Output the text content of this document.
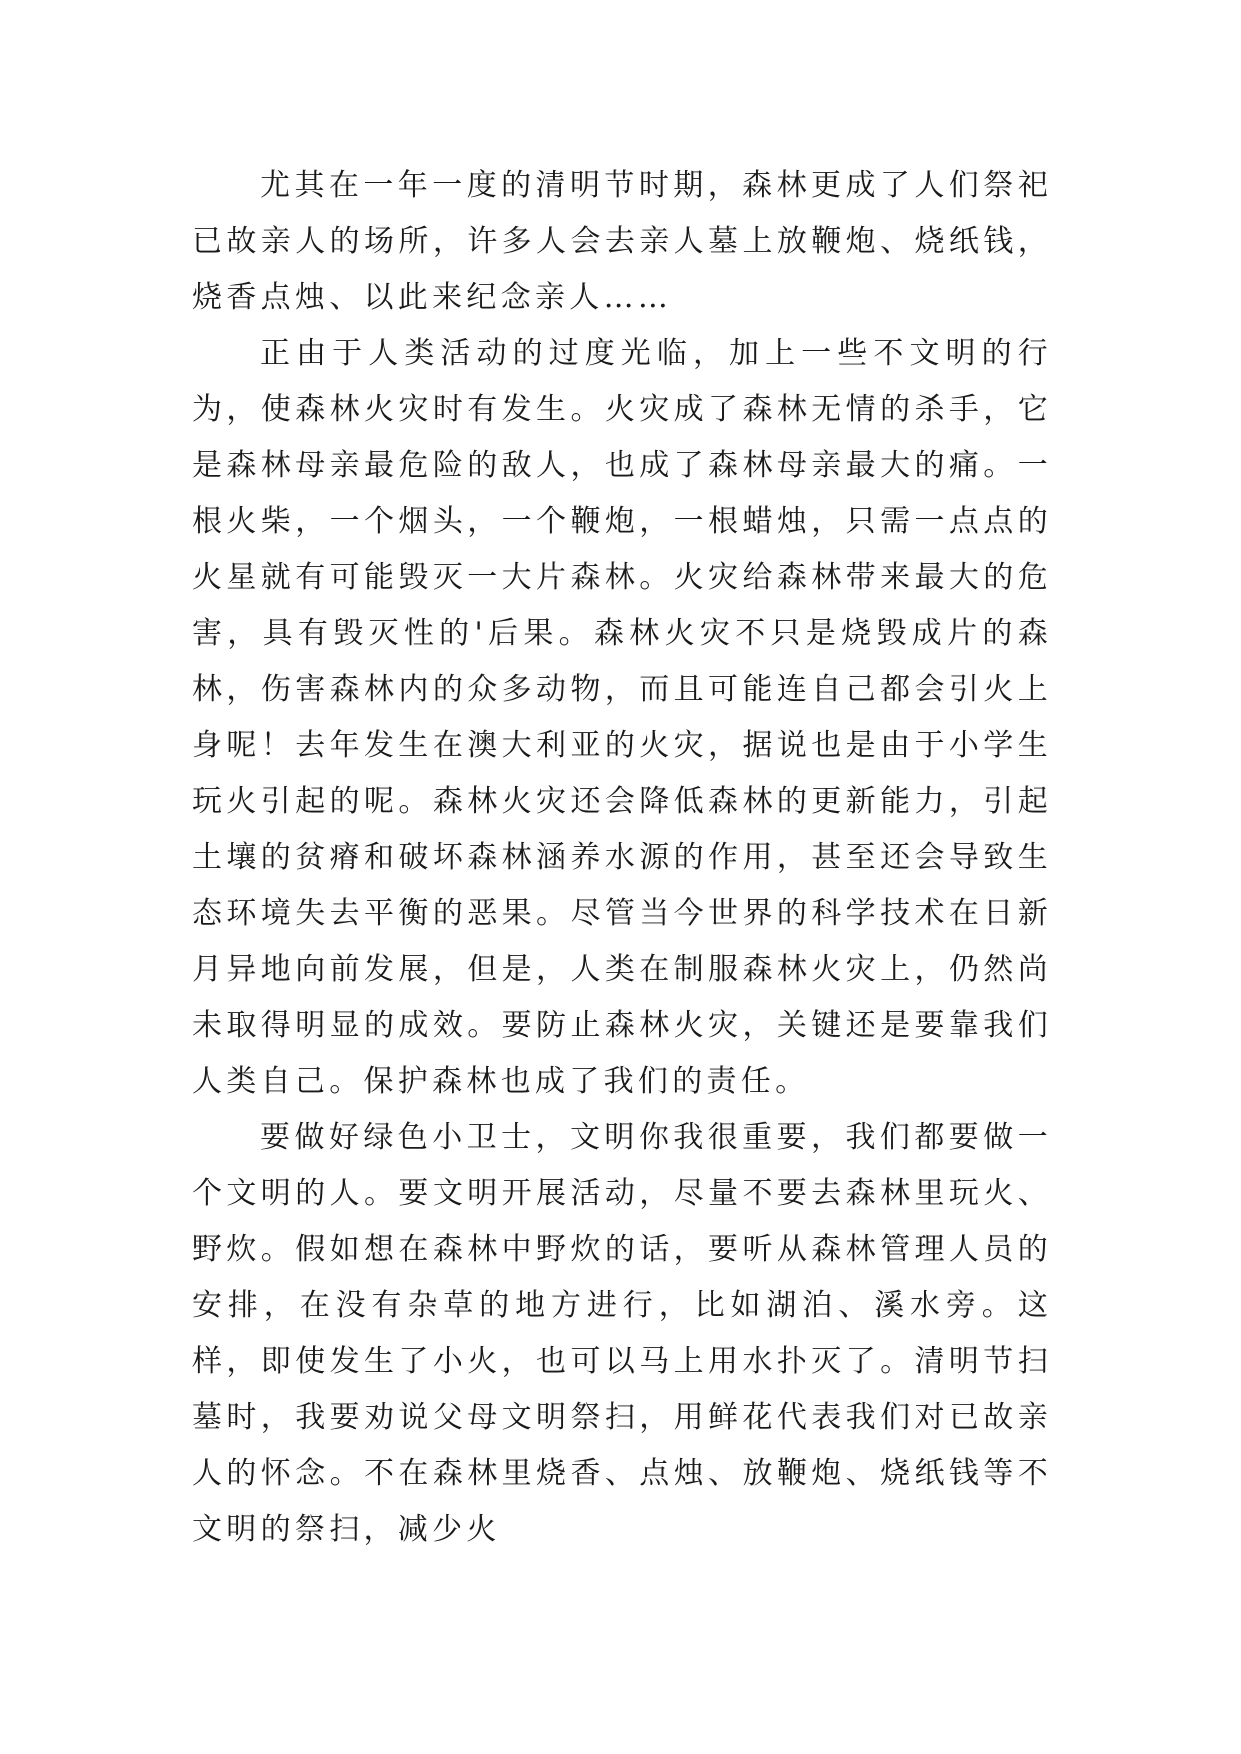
尤其在一年一度的清明节时期，森林更成了人们祭祀已故亲人的场所，许多人会去亲人墓上放鞭炮、烧纸钱，烧香点烛、以此来纪念亲人……

正由于人类活动的过度光临，加上一些不文明的行为，使森林火灾时有发生。火灾成了森林无情的杀手，它是森林母亲最危险的敌人，也成了森林母亲最大的痛。一根火柴，一个烟头，一个鞭炮，一根蜡烛，只需一点点的火星就有可能毁灭一大片森林。火灾给森林带来最大的危害，具有毁灭性的'后果。森林火灾不只是烧毁成片的森林，伤害森林内的众多动物，而且可能连自己都会引火上身呢！去年发生在澳大利亚的火灾，据说也是由于小学生玩火引起的呢。森林火灾还会降低森林的更新能力，引起土壤的贫瘠和破坏森林涵养水源的作用，甚至还会导致生态环境失去平衡的恶果。尽管当今世界的科学技术在日新月异地向前发展，但是，人类在制服森林火灾上，仍然尚未取得明显的成效。要防止森林火灾，关键还是要靠我们人类自己。保护森林也成了我们的责任。

要做好绿色小卫士，文明你我很重要，我们都要做一个文明的人。要文明开展活动，尽量不要去森林里玩火、野炊。假如想在森林中野炊的话，要听从森林管理人员的安排，在没有杂草的地方进行，比如湖泊、溪水旁。这样，即使发生了小火，也可以马上用水扑灭了。清明节扫墓时，我要劝说父母文明祭扫，用鲜花代表我们对已故亲人的怀念。不在森林里烧香、点烛、放鞭炮、烧纸钱等不文明的祭扫，减少火
